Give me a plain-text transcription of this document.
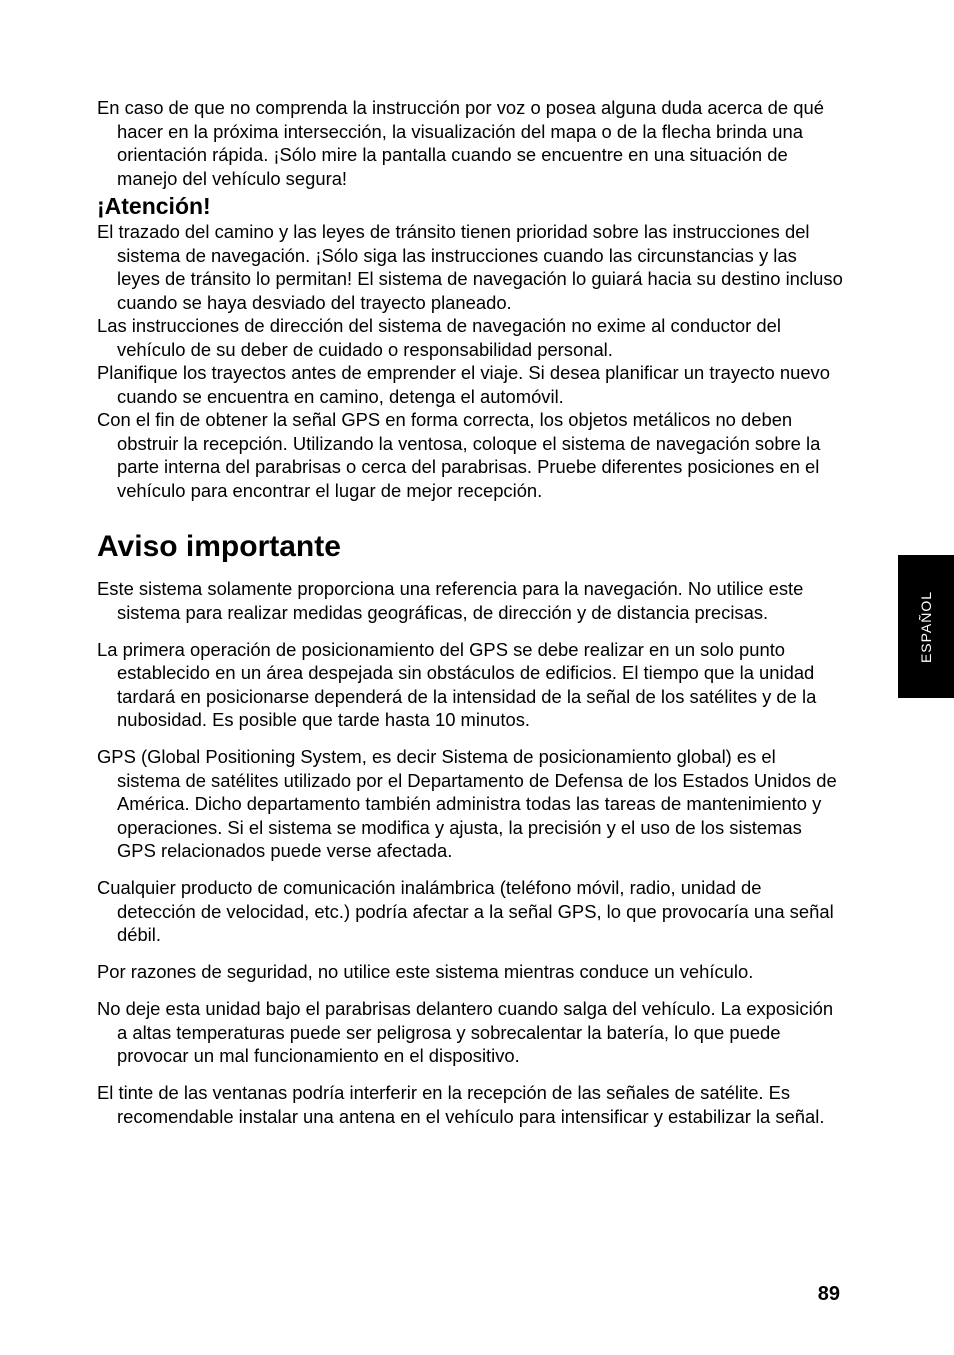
En caso de que no comprenda la instrucción por voz o posea alguna duda acerca de qué hacer en la próxima intersección, la visualización del mapa o de la flecha brinda una orientación rápida. ¡Sólo mire la pantalla cuando se encuentre en una situación de manejo del vehículo segura!

¡Atención!

El trazado del camino y las leyes de tránsito tienen prioridad sobre las instrucciones del sistema de navegación. ¡Sólo siga las instrucciones cuando las circunstancias y las leyes de tránsito lo permitan! El sistema de navegación lo guiará hacia su destino incluso cuando se haya desviado del trayecto planeado.

Las instrucciones de dirección del sistema de navegación no exime al conductor del vehículo de su deber de cuidado o responsabilidad personal.

Planifique los trayectos antes de emprender el viaje. Si desea planificar un trayecto nuevo cuando se encuentra en camino, detenga el automóvil.

Con el fin de obtener la señal GPS en forma correcta, los objetos metálicos no deben obstruir la recepción. Utilizando la ventosa, coloque el sistema de navegación sobre la parte interna del parabrisas o cerca del parabrisas. Pruebe diferentes posiciones en el vehículo para encontrar el lugar de mejor recepción.

Aviso importante

Este sistema solamente proporciona una referencia para la navegación. No utilice este sistema para realizar medidas geográficas, de dirección y de distancia precisas.

La primera operación de posicionamiento del GPS se debe realizar en un solo punto establecido en un área despejada sin obstáculos de edificios. El tiempo que la unidad tardará en posicionarse dependerá de la intensidad de la señal de los satélites y de la nubosidad. Es posible que tarde hasta 10 minutos.

GPS (Global Positioning System, es decir Sistema de posicionamiento global) es el sistema de satélites utilizado por el Departamento de Defensa de los Estados Unidos de América. Dicho departamento también administra todas las tareas de mantenimiento y operaciones. Si el sistema se modifica y ajusta, la precisión y el uso de los sistemas GPS relacionados puede verse afectada.

Cualquier producto de comunicación inalámbrica (teléfono móvil, radio, unidad de detección de velocidad, etc.) podría afectar a la señal GPS, lo que provocaría una señal débil.

Por razones de seguridad, no utilice este sistema mientras conduce un vehículo.

No deje esta unidad bajo el parabrisas delantero cuando salga del vehículo. La exposición a altas temperaturas puede ser peligrosa y sobrecalentar la batería, lo que puede provocar un mal funcionamiento en el dispositivo.

El tinte de las ventanas podría interferir en la recepción de las señales de satélite. Es recomendable instalar una antena en el vehículo para intensificar y estabilizar la señal.

ESPAÑOL
89
